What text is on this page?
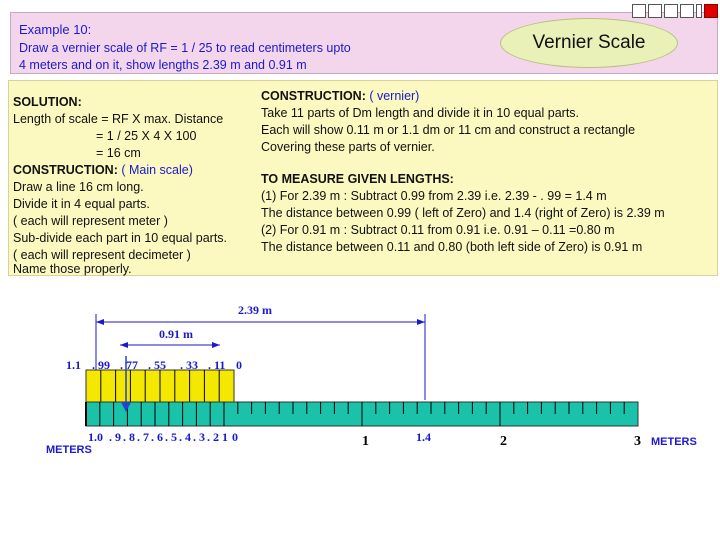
Example 10:
Draw a vernier scale of RF = 1 / 25 to read centimeters upto
4 meters and on it, show lengths 2.39 m and 0.91 m
Vernier Scale
SOLUTION:
Length of scale = RF X max. Distance
= 1 / 25 X 4 X 100
= 16 cm
CONSTRUCTION: ( Main scale)
Draw a line 16 cm long.
Divide it in 4 equal parts.
( each will represent meter )
Sub-divide each part in 10 equal parts.
( each will represent decimeter )
Name those properly.
CONSTRUCTION: ( vernier)
Take 11 parts of Dm length and divide it in 10 equal parts.
Each will show 0.11 m or 1.1 dm or 11 cm and construct a rectangle
Covering these parts of vernier.
TO MEASURE GIVEN LENGTHS:
(1) For 2.39 m : Subtract 0.99 from 2.39 i.e. 2.39 - . 99 = 1.4 m
The distance between 0.99 ( left of Zero) and 1.4 (right of Zero) is 2.39 m
(2) For 0.91 m : Subtract 0.11 from 0.91 i.e. 0.91 – 0.11 =0.80 m
The distance between 0.11 and 0.80 (both left side of Zero) is 0.91 m
2.39 m
0.91 m
1.1 . 99 . 77 . 55 . 33 . 11 0
1.0 . 9 . 8 . 7 . 6 . 5 . 4 . 3 . 2
. 1 0	1	1.4	2	3
METERS
METERS
